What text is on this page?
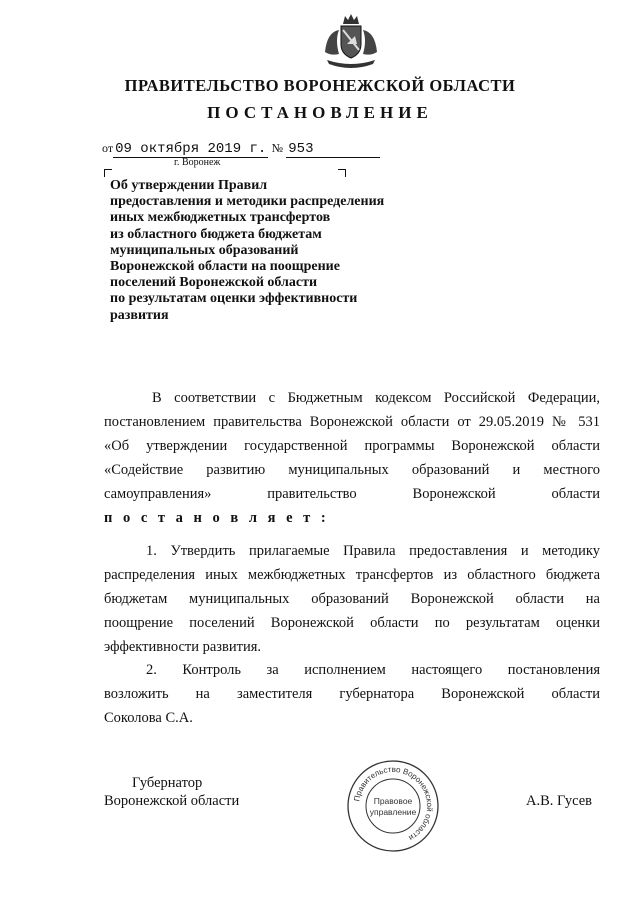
ПРАВИТЕЛЬСТВО ВОРОНЕЖСКОЙ ОБЛАСТИ
ПОСТАНОВЛЕНИЕ
от 09 октября 2019 г. № 953
г. Воронеж
Об утверждении Правил
предоставления и методики распределения
иных межбюджетных трансфертов
из областного бюджета бюджетам
муниципальных образований
Воронежской области на поощрение
поселений Воронежской области
по результатам оценки эффективности
развития
В соответствии с Бюджетным кодексом Российской Федерации,
постановлением правительства Воронежской области от 29.05.2019 № 531
«Об утверждении государственной программы Воронежской области
«Содействие развитию муниципальных образований и местного
самоуправления» правительство Воронежской области
п о с т а н о в л я е т :
1. Утвердить прилагаемые Правила предоставления и методику
распределения иных межбюджетных трансфертов из областного бюджета
бюджетам муниципальных образований Воронежской области на
поощрение поселений Воронежской области по результатам оценки
эффективности развития.
2. Контроль за исполнением настоящего постановления
возложить на заместителя губернатора Воронежской области
Соколова С.А.
Губернатор
Воронежской области	Правительство Воронежской области
Правовое
управление
А.В. Гусев
